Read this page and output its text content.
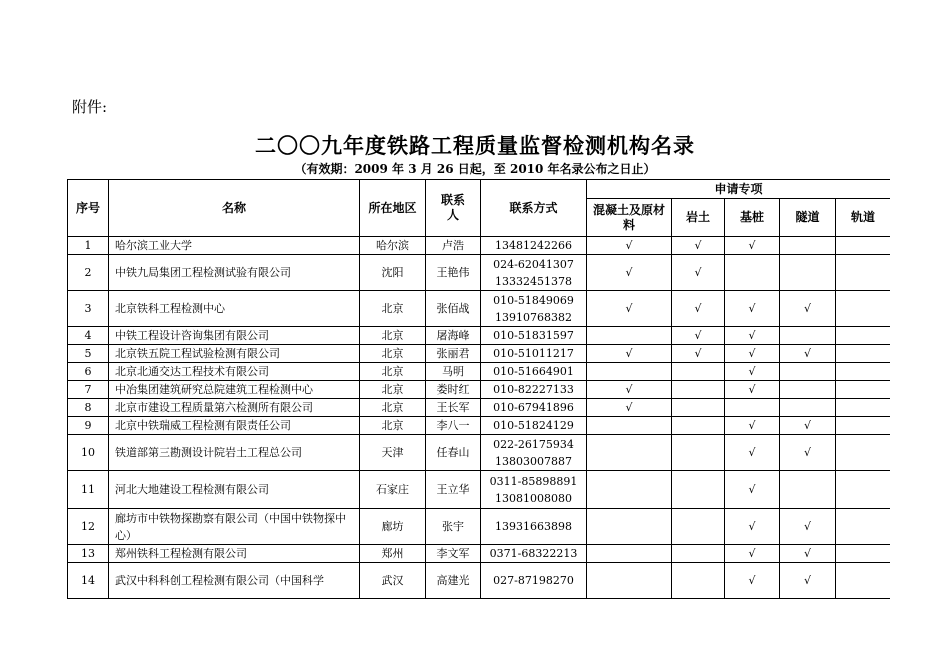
附件:
二〇〇九年度铁路工程质量监督检测机构名录
（有效期：2009 年 3 月 26 日起，至 2010 年名录公布之日止）
序号	名称	所在地区	联系人	联系方式	申请专项				
					混凝土及原材料	岩土	基桩	隧道	轨道
1	哈尔滨工业大学	哈尔滨	卢浩	13481242266	√	√	√		
2	中铁九局集团工程检测试验有限公司	沈阳	王艳伟	024-62041307
13332451378	√	√			
3	北京铁科工程检测中心	北京	张佰战	010-51849069
13910768382	√	√	√	√	
4	中铁工程设计咨询集团有限公司	北京	屠海峰	010-51831597		√	√		
5	北京铁五院工程试验检测有限公司	北京	张丽君	010-51011217	√	√	√	√	
6	北京北通交达工程技术有限公司	北京	马明	010-51664901			√		
7	中冶集团建筑研究总院建筑工程检测中心	北京	娄时红	010-82227133	√		√		
8	北京市建设工程质量第六检测所有限公司	北京	王长军	010-67941896	√				
9	北京中铁瑞威工程检测有限责任公司	北京	李八一	010-51824129			√	√	
10	铁道部第三勘测设计院岩土工程总公司	天津	任春山	022-26175934
13803007887			√	√	
11	河北大地建设工程检测有限公司	石家庄	王立华	0311-85898891
13081008080			√		
12	廊坊市中铁物探勘察有限公司（中国中铁物探中心）	廊坊	张宇	13931663898			√	√	
13	郑州铁科工程检测有限公司	郑州	李文军	0371-68322213			√	√	
14	武汉中科科创工程检测有限公司（中国科学	武汉	高建光	027-87198270			√	√	
